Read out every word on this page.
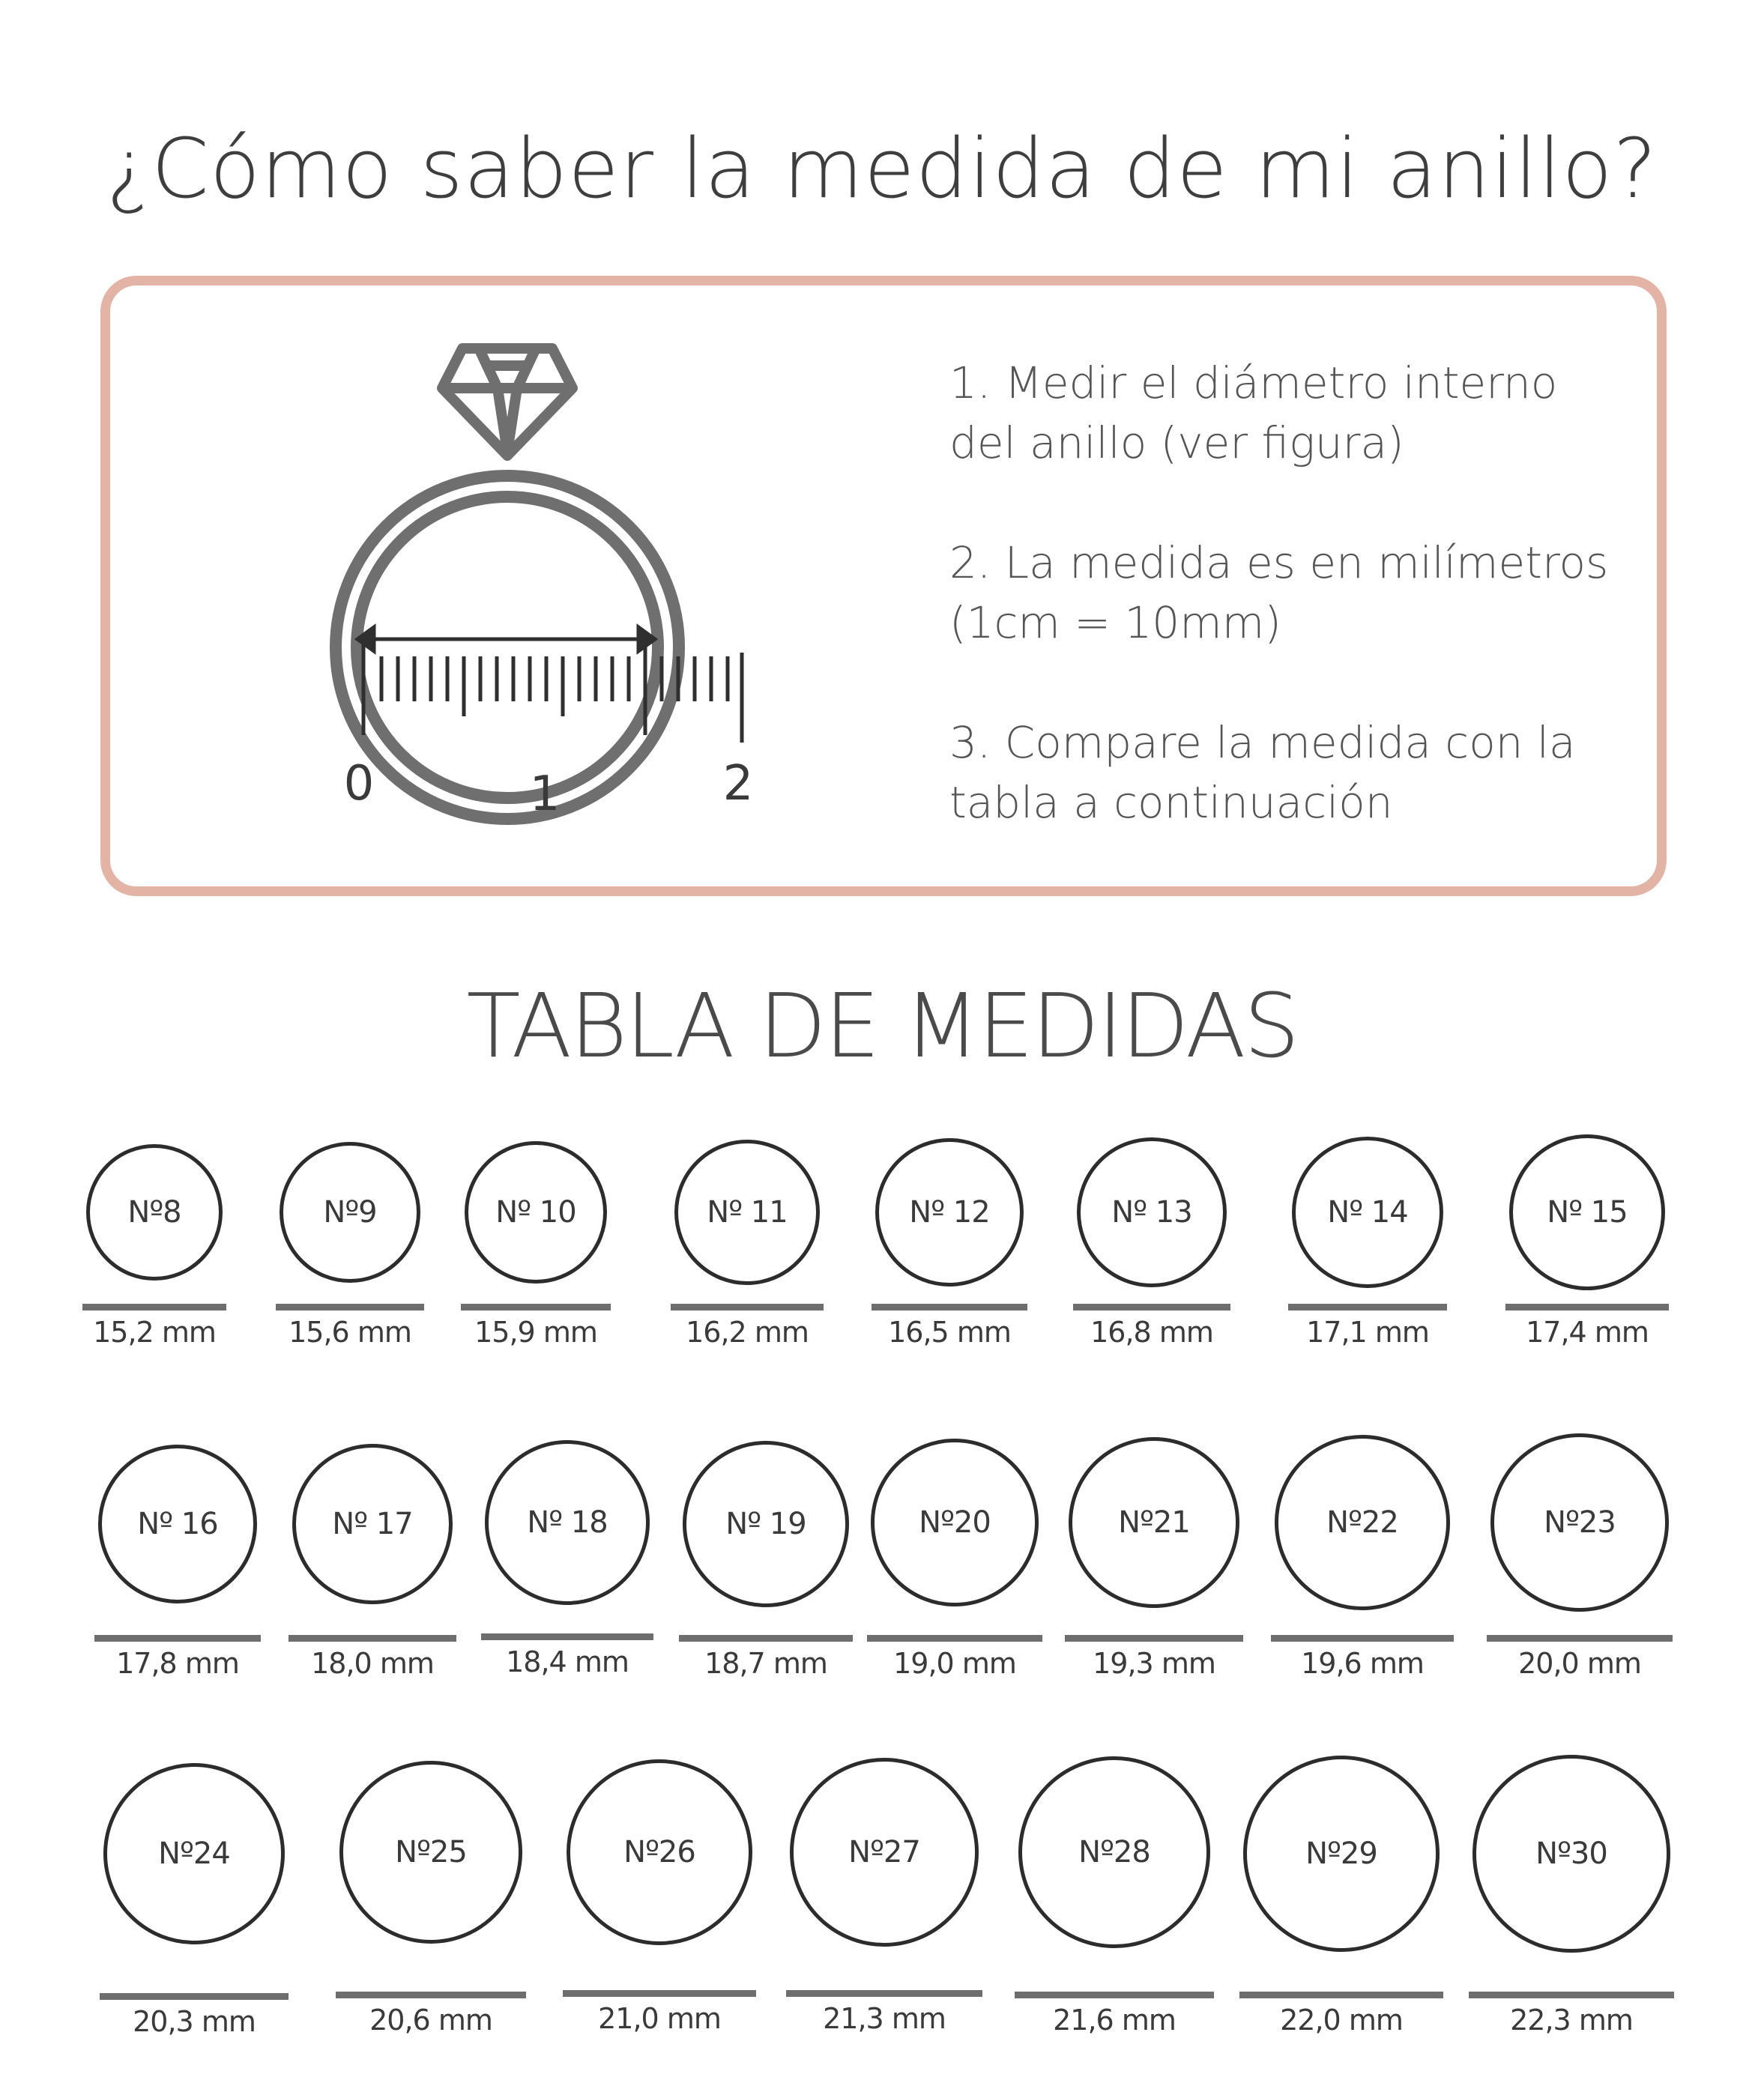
¿Cómo saber la medida de mi anillo?
0	1	2
1. Medir el diámetro interno del anillo (ver figura)
2. La medida es en milímetros (1cm = 10mm)
3. Compare la medida con la tabla a continuación
TABLA DE MEDIDAS
Nº8
15,2 mm
Nº9
15,6 mm
Nº 10
15,9 mm
Nº 11
16,2 mm
Nº 12
16,5 mm
Nº 13
16,8 mm
Nº 14
17,1 mm
Nº 15
17,4 mm
Nº 16
17,8 mm
Nº 17
18,0 mm
Nº 18
18,4 mm
Nº 19
18,7 mm
Nº20
19,0 mm
Nº21
19,3 mm
Nº22
19,6 mm
Nº23
20,0 mm
Nº24
20,3 mm
Nº25
20,6 mm
Nº26
21,0 mm
Nº27
21,3 mm
Nº28
21,6 mm
Nº29
22,0 mm
Nº30
22,3 mm
